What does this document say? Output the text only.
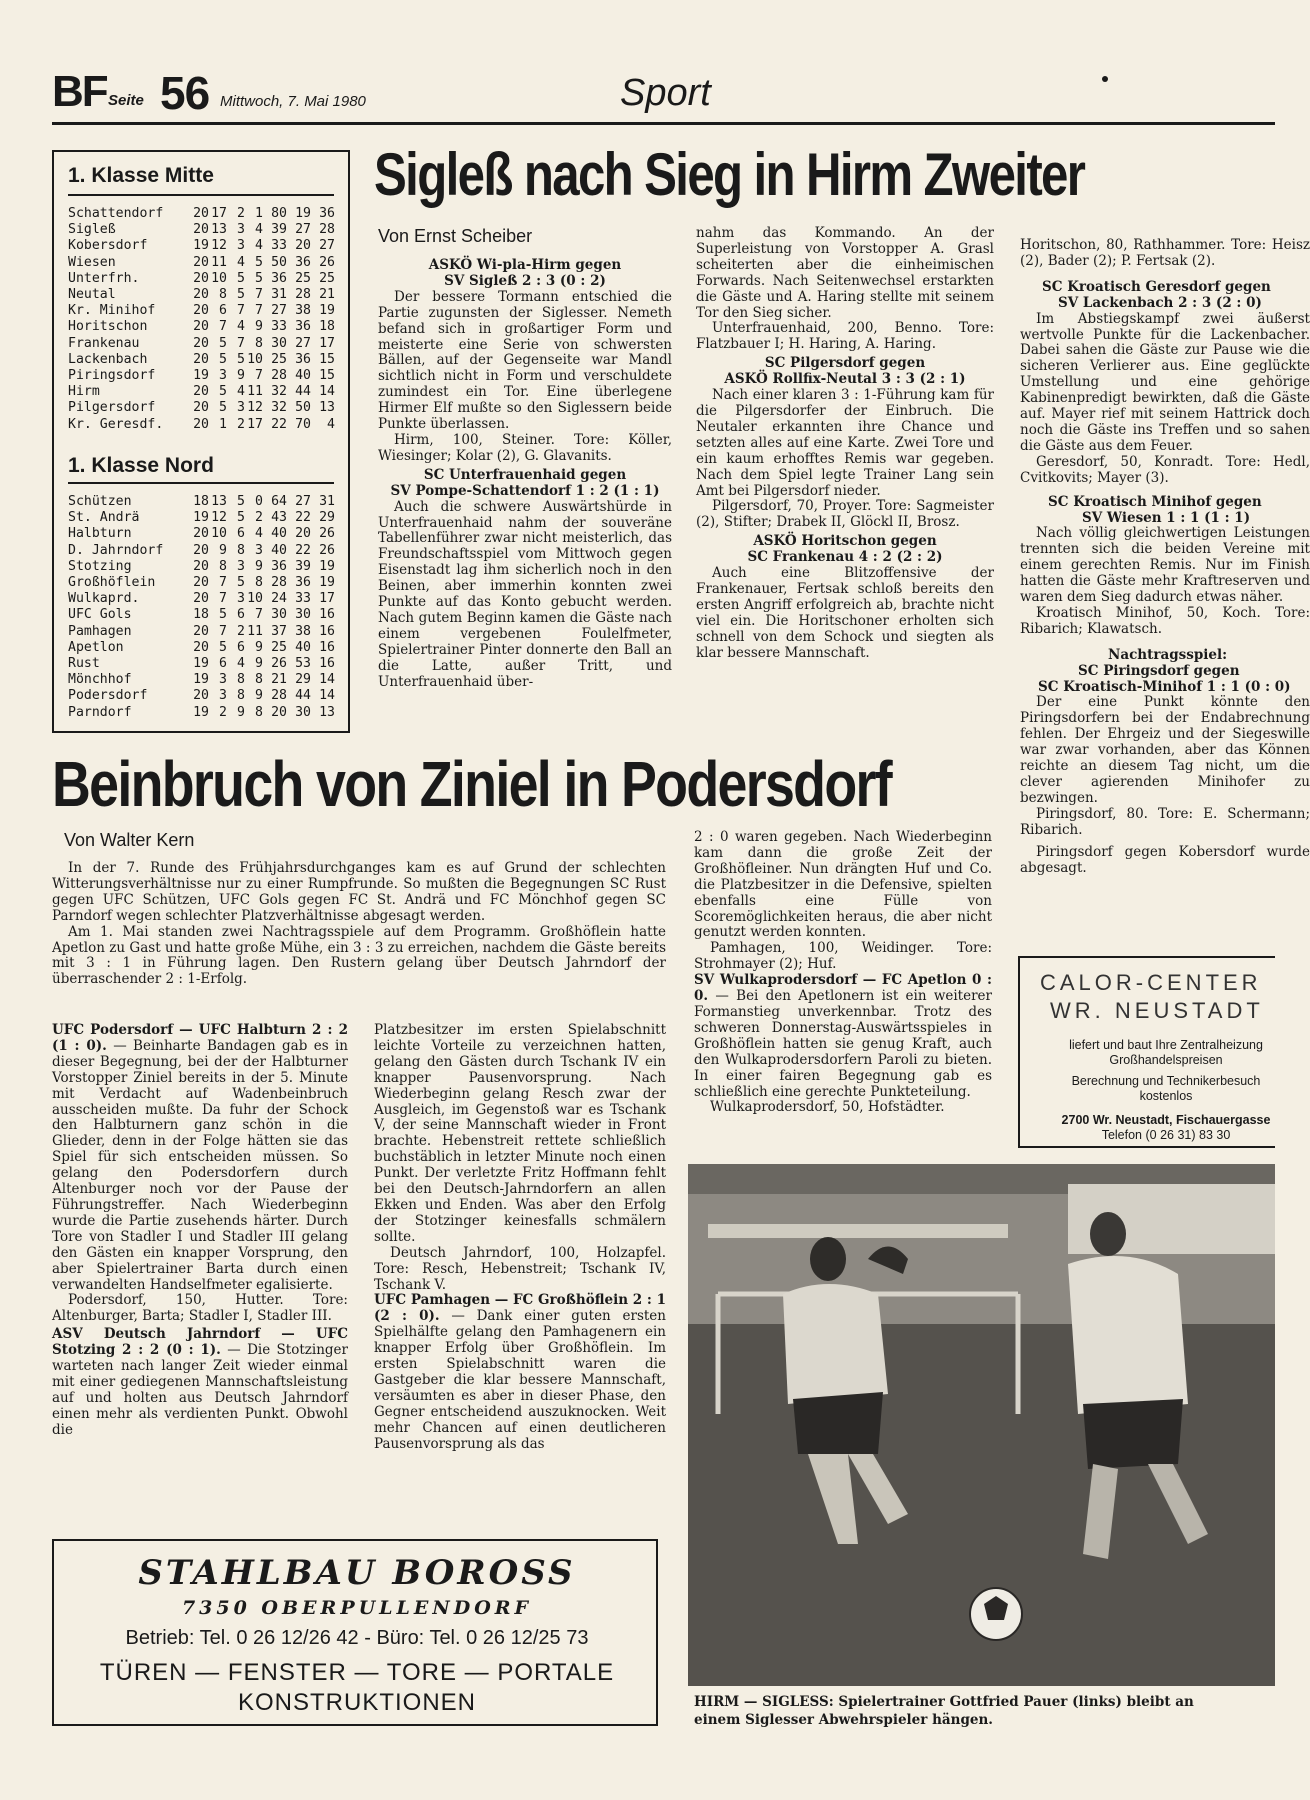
BF Seite 56 Mittwoch, 7. Mai 1980	Sport
1. Klasse Mitte
Schattendorf	20 17 2 1 80 19 36
Sigleß	20 13 3 4 39 27 28
Kobersdorf	19 12 3 4 33 20 27
Wiesen	20 11 4 5 50 36 26
Unterfrh.	20 10 5 5 36 25 25
Neutal	20 8 5 7 31 28 21
Kr. Minihof	20 6 7 7 27 38 19
Horitschon	20 7 4 9 33 36 18
Frankenau	20 5 7 8 30 27 17
Lackenbach	20 5 5 10 25 36 15
Piringsdorf	19 3 9 7 28 40 15
Hirm	20 5 4 11 32 44 14
Pilgersdorf	20 5 3 12 32 50 13
Kr. Geresdf.	20 1 2 17 22 70	4
1. Klasse Nord
Schützen	18 13 5 0 64 27 31
St. Andrä	19 12 5 2 43 22 29
Halbturn	20 10 6 4 40 20 26
D. Jahrndorf	20 9 8 3 40 22 26
Stotzing	20 8 3 9 36 39 19
Großhöflein	20 7 5 8 28 36 19
Wulkaprd.	20 7 3 10 24 33 17
UFC Gols	18 5 6 7 30 30 16
Pamhagen	20 7 2 11 37 38 16
Apetlon	20 5 6 9 25 40 16
Rust	19 6 4 9 26 53 16
Mönchhof	19 3 8 8 21 29 14
Podersdorf	20 3 8 9 28 44 14
Parndorf	19 2 9 8 20 30 13
Sigleß nach Sieg in Hirm Zweiter
Von Ernst Scheiber

ASKÖ Wi-pla-Hirm gegen

SV Sigleß 2 : 3 (0 : 2)

Der bessere Tormann entschied die Partie zugunsten der Siglesser. Nemeth befand sich in großartiger Form und meisterte eine Serie von schwersten Bällen, auf der Gegenseite war Mandl sichtlich nicht in Form und verschuldete zumindest ein Tor. Eine überlegene Hirmer Elf mußte so den Siglessern beide Punkte überlassen.

Hirm, 100, Steiner. Tore: Köller, Wiesinger; Kolar (2), G. Glavanits.

SC Unterfrauenhaid gegen

SV Pompe-Schattendorf 1 : 2 (1 : 1)

Auch die schwere Auswärtshürde in Unterfrauenhaid nahm der souveräne Tabellenführer zwar nicht meisterlich, das Freundschaftsspiel vom Mittwoch gegen Eisenstadt lag ihm sicherlich noch in den Beinen, aber immerhin konnten zwei Punkte auf das Konto gebucht werden. Nach gutem Beginn kamen die Gäste nach einem vergebenen Foulelfmeter, Spielertrainer Pinter donnerte den Ball an die Latte, außer Tritt, und Unterfrauenhaid über-

nahm das Kommando. An der Superleistung von Vorstopper A. Grasl scheiterten aber die einheimischen Forwards. Nach Seitenwechsel erstarkten die Gäste und A. Haring stellte mit seinem Tor den Sieg sicher.

Unterfrauenhaid, 200, Benno. Tore: Flatzbauer I; H. Haring, A. Haring.

SC Pilgersdorf gegen

ASKÖ Rollfix-Neutal 3 : 3 (2 : 1)

Nach einer klaren 3 : 1-Führung kam für die Pilgersdorfer der Einbruch. Die Neutaler erkannten ihre Chance und setzten alles auf eine Karte. Zwei Tore und ein kaum erhofftes Remis war gegeben. Nach dem Spiel legte Trainer Lang sein Amt bei Pilgersdorf nieder.

Pilgersdorf, 70, Proyer. Tore: Sagmeister (2), Stifter; Drabek II, Glöckl II, Brosz.

ASKÖ Horitschon gegen

SC Frankenau 4 : 2 (2 : 2)

Auch eine Blitzoffensive der Frankenauer, Fertsak schloß bereits den ersten Angriff erfolgreich ab, brachte nicht viel ein. Die Horitschoner erholten sich schnell von dem Schock und siegten als klar bessere Mannschaft.

Horitschon, 80, Rathhammer. Tore: Heisz (2), Bader (2); P. Fertsak (2).

SC Kroatisch Geresdorf gegen

SV Lackenbach 2 : 3 (2 : 0)

Im Abstiegskampf zwei äußerst wertvolle Punkte für die Lackenbacher. Dabei sahen die Gäste zur Pause wie die sicheren Verlierer aus. Eine geglückte Umstellung und eine gehörige Kabinenpredigt bewirkten, daß die Gäste auf. Mayer rief mit seinem Hattrick doch noch die Gäste ins Treffen und so sahen die Gäste aus dem Feuer.

Geresdorf, 50, Konradt. Tore: Hedl, Cvitkovits; Mayer (3).

SC Kroatisch Minihof gegen

SV Wiesen 1 : 1 (1 : 1)

Nach völlig gleichwertigen Leistungen trennten sich die beiden Vereine mit einem gerechten Remis. Nur im Finish hatten die Gäste mehr Kraftreserven und waren dem Sieg dadurch etwas näher.

Kroatisch Minihof, 50, Koch. Tore: Ribarich; Klawatsch.

Nachtragsspiel:

SC Piringsdorf gegen

SC Kroatisch-Minihof 1 : 1 (0 : 0)

Der eine Punkt könnte den Piringsdorfern bei der Endabrechnung fehlen. Der Ehrgeiz und der Siegeswille war zwar vorhanden, aber das Können reichte an diesem Tag nicht, um die clever agierenden Minihofer zu bezwingen.

Piringsdorf, 80. Tore: E. Schermann; Ribarich.

Piringsdorf gegen Kobersdorf wurde abgesagt.

CALOR-CENTER
WR. NEUSTADT
liefert und baut Ihre Zentralheizung
Großhandelspreisen
Berechnung und Technikerbesuch
kostenlos
2700 Wr. Neustadt, Fischauergasse
Telefon (0 26 31) 83 30
Beinbruch von Ziniel in Podersdorf
Von Walter Kern

In der 7. Runde des Frühjahrsdurchganges kam es auf Grund der schlechten Witterungsverhältnisse nur zu einer Rumpfrunde. So mußten die Begegnungen SC Rust gegen UFC Schützen, UFC Gols gegen FC St. Andrä und FC Mönchhof gegen SC Parndorf wegen schlechter Platzverhältnisse abgesagt werden.

Am 1. Mai standen zwei Nachtragsspiele auf dem Programm. Großhöflein hatte Apetlon zu Gast und hatte große Mühe, ein 3 : 3 zu erreichen, nachdem die Gäste bereits mit 3 : 1 in Führung lagen. Den Rustern gelang über Deutsch Jahrndorf der überraschender 2 : 1-Erfolg.

UFC Podersdorf — UFC Halbturn 2 : 2 (1 : 0). — Beinharte Bandagen gab es in dieser Begegnung, bei der der Halbturner Vorstopper Ziniel bereits in der 5. Minute mit Verdacht auf Wadenbeinbruch ausscheiden mußte. Da fuhr der Schock den Halbturnern ganz schön in die Glieder, denn in der Folge hätten sie das Spiel für sich entscheiden müssen. So gelang den Podersdorfern durch Altenburger noch vor der Pause der Führungstreffer. Nach Wiederbeginn wurde die Partie zusehends härter. Durch Tore von Stadler I und Stadler III gelang den Gästen ein knapper Vorsprung, den aber Spielertrainer Barta durch einen verwandelten Handselfmeter egalisierte.

Podersdorf, 150, Hutter. Tore: Altenburger, Barta; Stadler I, Stadler III.

ASV Deutsch Jahrndorf — UFC Stotzing 2 : 2 (0 : 1). — Die Stotzinger warteten nach langer Zeit wieder einmal mit einer gediegenen Mannschaftsleistung auf und holten aus Deutsch Jahrndorf einen mehr als verdienten Punkt. Obwohl die

Platzbesitzer im ersten Spielabschnitt leichte Vorteile zu verzeichnen hatten, gelang den Gästen durch Tschank IV ein knapper Pausenvorsprung. Nach Wiederbeginn gelang Resch zwar der Ausgleich, im Gegenstoß war es Tschank V, der seine Mannschaft wieder in Front brachte. Hebenstreit rettete schließlich buchstäblich in letzter Minute noch einen Punkt. Der verletzte Fritz Hoffmann fehlt bei den Deutsch-Jahrndorfern an allen Ekken und Enden. Was aber den Erfolg der Stotzinger keinesfalls schmälern sollte.

Deutsch Jahrndorf, 100, Holzapfel. Tore: Resch, Hebenstreit; Tschank IV, Tschank V.

UFC Pamhagen — FC Großhöflein 2 : 1 (2 : 0). — Dank einer guten ersten Spielhälfte gelang den Pamhagenern ein knapper Erfolg über Großhöflein. Im ersten Spielabschnitt waren die Gastgeber die klar bessere Mannschaft, versäumten es aber in dieser Phase, den Gegner entscheidend auszuknocken. Weit mehr Chancen auf einen deutlicheren Pausenvorsprung als das

2 : 0 waren gegeben. Nach Wiederbeginn kam dann die große Zeit der Großhöfleiner. Nun drängten Huf und Co. die Platzbesitzer in die Defensive, spielten ebenfalls eine Fülle von Scoremöglichkeiten heraus, die aber nicht genutzt werden konnten.

Pamhagen, 100, Weidinger. Tore: Strohmayer (2); Huf.

SV Wulkaprodersdorf — FC Apetlon 0 : 0. — Bei den Apetlonern ist ein weiterer Formanstieg unverkennbar. Trotz des schweren Donnerstag-Auswärtsspieles in Großhöflein hatten sie genug Kraft, auch den Wulkaprodersdorfern Paroli zu bieten. In einer fairen Begegnung gab es schließlich eine gerechte Punkteteilung.

Wulkaprodersdorf, 50, Hofstädter.

HIRM — SIGLESS: Spielertrainer Gottfried Pauer (links) bleibt an
einem Siglesser Abwehrspieler hängen.
STAHLBAU BOROSS
7350 OBERPULLENDORF
Betrieb: Tel. 0 26 12/26 42 - Büro: Tel. 0 26 12/25 73
TÜREN — FENSTER — TORE — PORTALE
KONSTRUKTIONEN
